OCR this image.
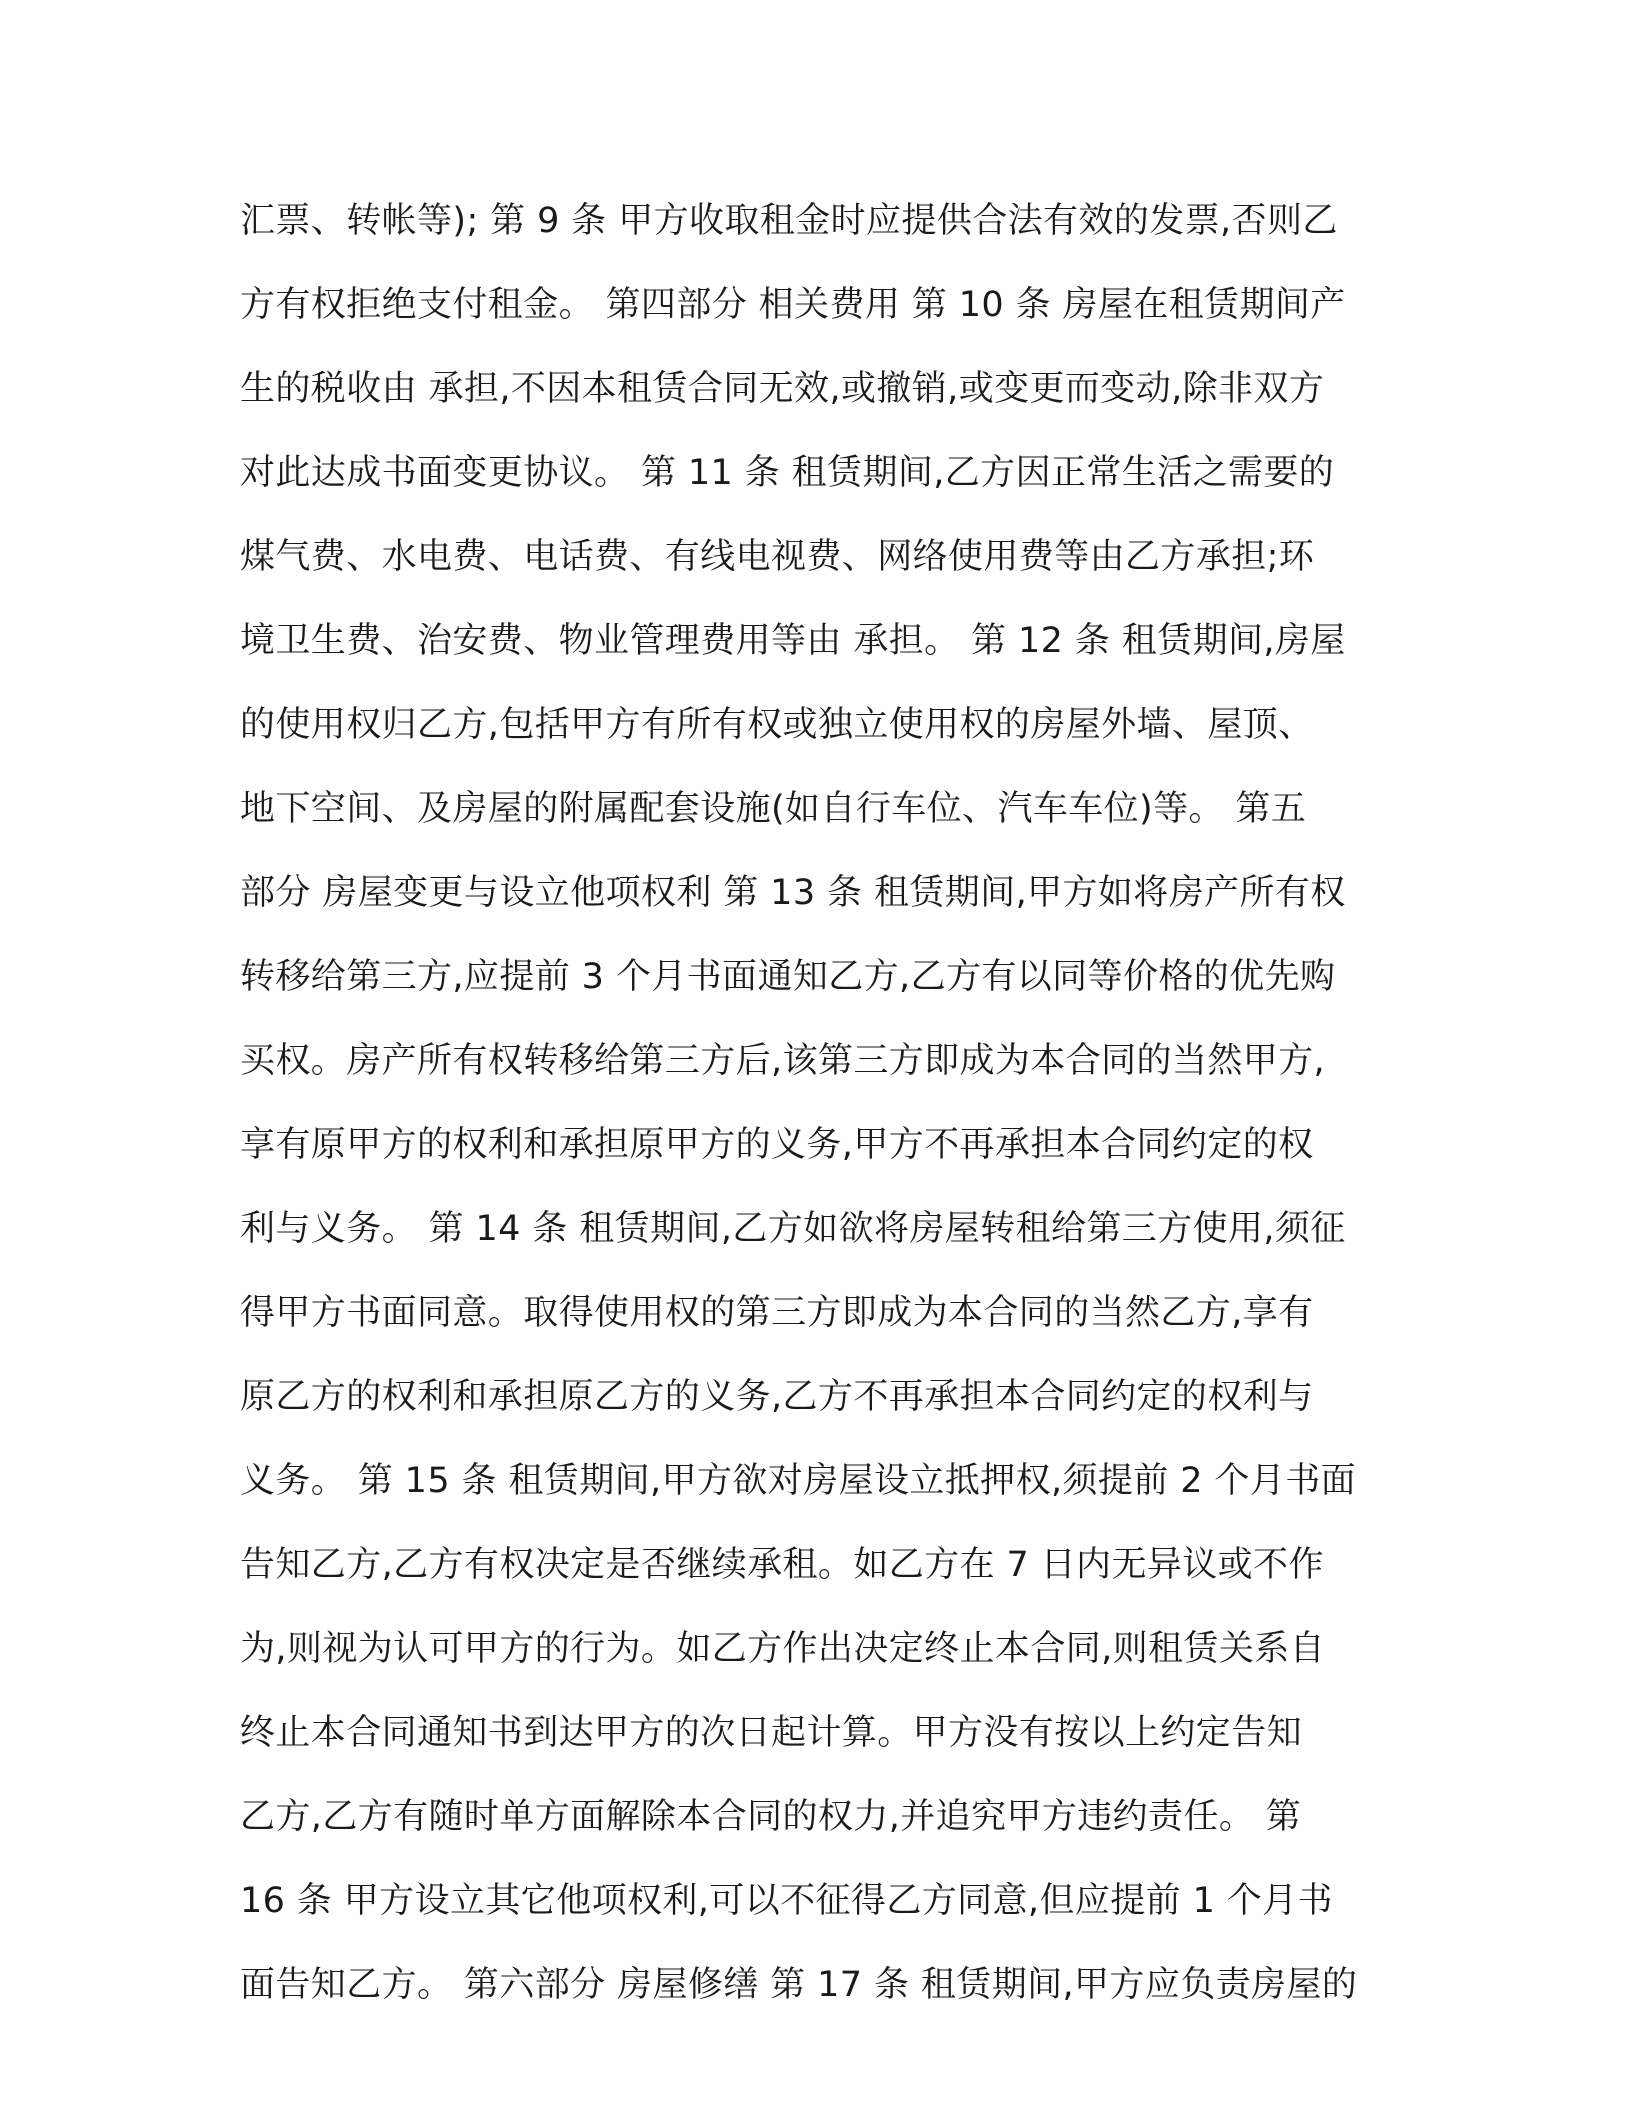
汇票、转帐等); 第 9 条 甲方收取租金时应提供合法有效的发票,否则乙
方有权拒绝支付租金。 第四部分 相关费用 第 10 条 房屋在租赁期间产
生的税收由 承担,不因本租赁合同无效,或撤销,或变更而变动,除非双方
对此达成书面变更协议。 第 11 条 租赁期间,乙方因正常生活之需要的
煤气费、水电费、电话费、有线电视费、网络使用费等由乙方承担;环
境卫生费、治安费、物业管理费用等由 承担。 第 12 条 租赁期间,房屋
的使用权归乙方,包括甲方有所有权或独立使用权的房屋外墙、屋顶、
地下空间、及房屋的附属配套设施(如自行车位、汽车车位)等。 第五
部分 房屋变更与设立他项权利 第 13 条 租赁期间,甲方如将房产所有权
转移给第三方,应提前 3 个月书面通知乙方,乙方有以同等价格的优先购
买权。房产所有权转移给第三方后,该第三方即成为本合同的当然甲方,
享有原甲方的权利和承担原甲方的义务,甲方不再承担本合同约定的权
利与义务。 第 14 条 租赁期间,乙方如欲将房屋转租给第三方使用,须征
得甲方书面同意。取得使用权的第三方即成为本合同的当然乙方,享有
原乙方的权利和承担原乙方的义务,乙方不再承担本合同约定的权利与
义务。 第 15 条 租赁期间,甲方欲对房屋设立抵押权,须提前 2 个月书面
告知乙方,乙方有权决定是否继续承租。如乙方在 7 日内无异议或不作
为,则视为认可甲方的行为。如乙方作出决定终止本合同,则租赁关系自
终止本合同通知书到达甲方的次日起计算。甲方没有按以上约定告知
乙方,乙方有随时单方面解除本合同的权力,并追究甲方违约责任。 第
16 条 甲方设立其它他项权利,可以不征得乙方同意,但应提前 1 个月书
面告知乙方。 第六部分 房屋修缮 第 17 条 租赁期间,甲方应负责房屋的
